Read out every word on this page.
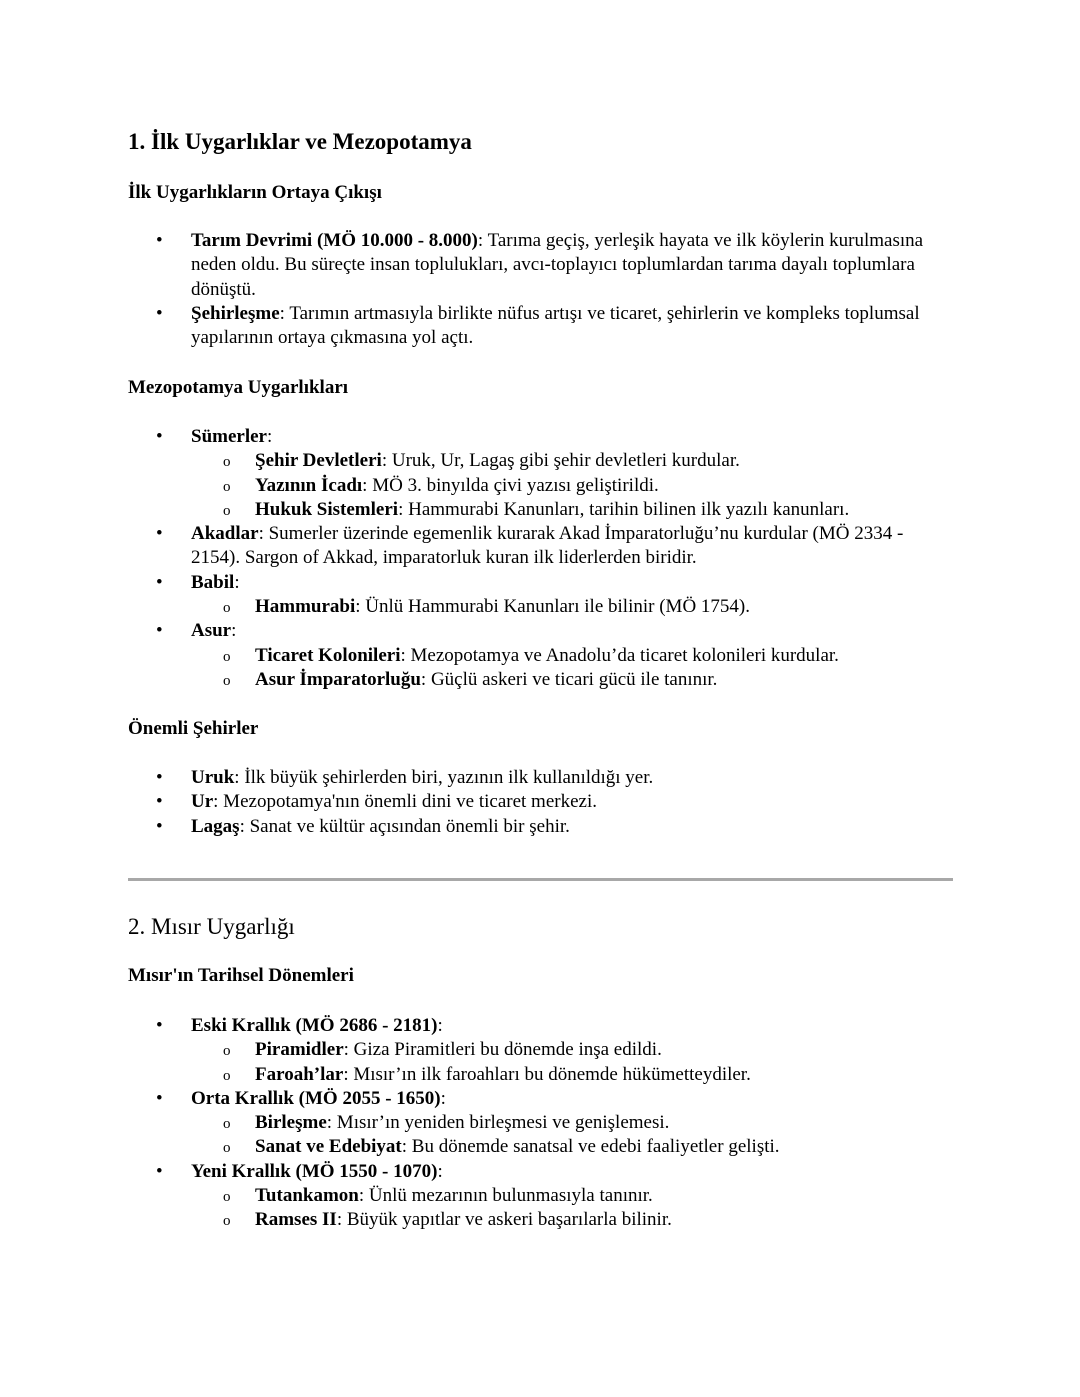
1. İlk Uygarlıklar ve Mezopotamya
İlk Uygarlıkların Ortaya Çıkışı
• Tarım Devrimi (MÖ 10.000 - 8.000): Tarıma geçiş, yerleşik hayata ve ilk köylerin kurulmasına neden oldu. Bu süreçte insan toplulukları, avcı-toplayıcı toplumlardan tarıma dayalı toplumlara dönüştü.
• Şehirleşme: Tarımın artmasıyla birlikte nüfus artışı ve ticaret, şehirlerin ve kompleks toplumsal yapılarının ortaya çıkmasına yol açtı.
Mezopotamya Uygarlıkları
• Sümerler:
o Şehir Devletleri: Uruk, Ur, Lagaş gibi şehir devletleri kurdular.
o Yazının İcadı: MÖ 3. binyılda çivi yazısı geliştirildi.
o Hukuk Sistemleri: Hammurabi Kanunları, tarihin bilinen ilk yazılı kanunları.
• Akadlar: Sumerler üzerinde egemenlik kurarak Akad İmparatorluğu’nu kurdular (MÖ 2334 - 2154). Sargon of Akkad, imparatorluk kuran ilk liderlerden biridir.
• Babil:
o Hammurabi: Ünlü Hammurabi Kanunları ile bilinir (MÖ 1754).
• Asur:
o Ticaret Kolonileri: Mezopotamya ve Anadolu’da ticaret kolonileri kurdular.
o Asur İmparatorluğu: Güçlü askeri ve ticari gücü ile tanınır.
Önemli Şehirler
• Uruk: İlk büyük şehirlerden biri, yazının ilk kullanıldığı yer.
• Ur: Mezopotamya'nın önemli dini ve ticaret merkezi.
• Lagaş: Sanat ve kültür açısından önemli bir şehir.
2. Mısır Uygarlığı
Mısır'ın Tarihsel Dönemleri
• Eski Krallık (MÖ 2686 - 2181):
o Piramidler: Giza Piramitleri bu dönemde inşa edildi.
o Faroah’lar: Mısır’ın ilk faroahları bu dönemde hükümetteydiler.
• Orta Krallık (MÖ 2055 - 1650):
o Birleşme: Mısır’ın yeniden birleşmesi ve genişlemesi.
o Sanat ve Edebiyat: Bu dönemde sanatsal ve edebi faaliyetler gelişti.
• Yeni Krallık (MÖ 1550 - 1070):
o Tutankamon: Ünlü mezarının bulunmasıyla tanınır.
o Ramses II: Büyük yapıtlar ve askeri başarılarla bilinir.
